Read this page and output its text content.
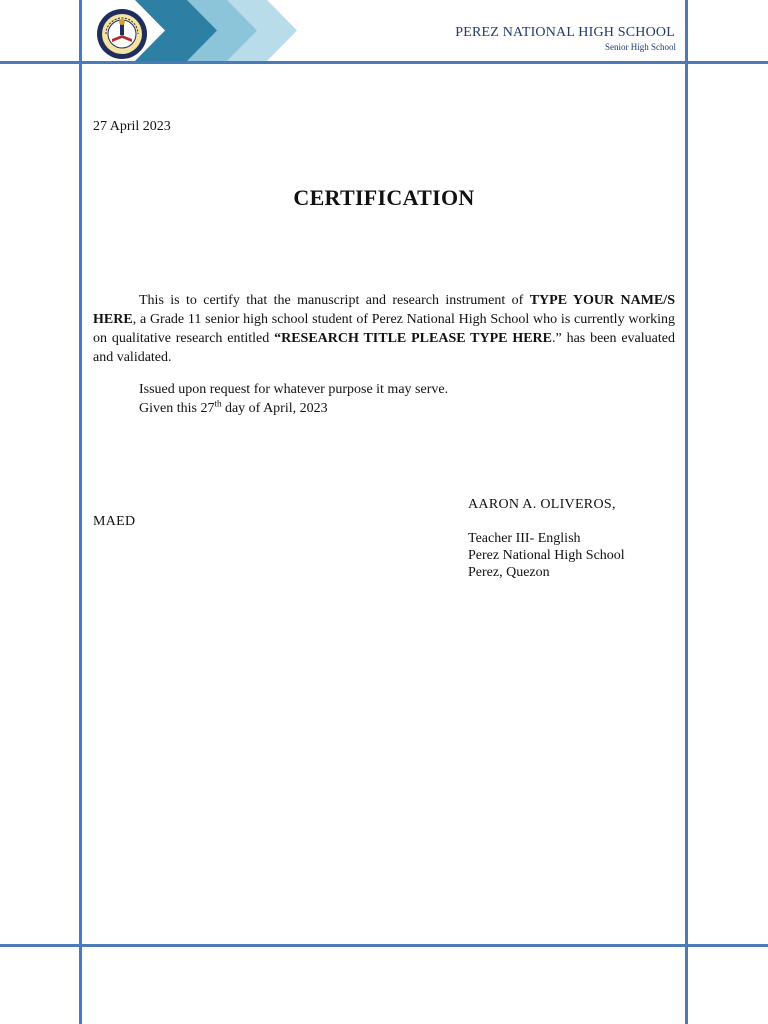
PEREZ NATIONAL HIGH SCHOOL
Senior High School
27 April 2023
CERTIFICATION
This is to certify that the manuscript and research instrument of TYPE YOUR NAME/S HERE, a Grade 11 senior high school student of Perez National High School who is currently working on qualitative research entitled “RESEARCH TITLE PLEASE TYPE HERE.” has been evaluated and validated.
Issued upon request for whatever purpose it may serve.
Given this 27th day of April, 2023
AARON A. OLIVEROS,
MAED
Teacher III- English
Perez National High School
Perez, Quezon
